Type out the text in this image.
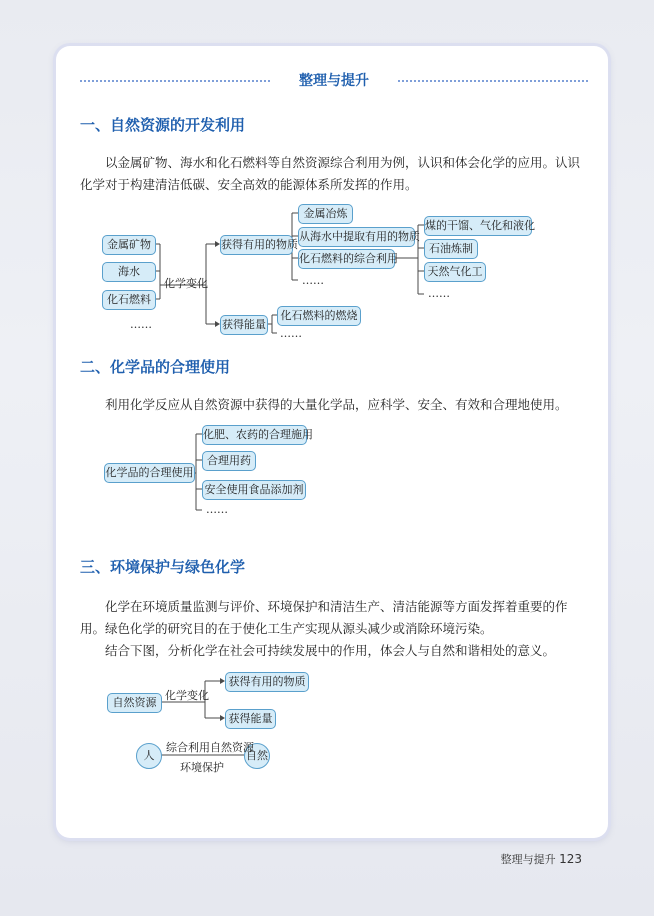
整理与提升
一、自然资源的开发利用
以金属矿物、海水和化石燃料等自然资源综合利用为例，认识和体会化学的应用。认识化学对于构建清洁低碳、安全高效的能源体系所发挥的作用。
金属矿物
海水
化石燃料
……
化学变化
获得有用的物质
获得能量
金属冶炼
从海水中提取有用的物质
化石燃料的综合利用
……
煤的干馏、气化和液化
石油炼制
天然气化工
……
化石燃料的燃烧
……
二、化学品的合理使用
利用化学反应从自然资源中获得的大量化学品，应科学、安全、有效和合理地使用。
化学品的合理使用
化肥、农药的合理施用
合理用药
安全使用食品添加剂
……
三、环境保护与绿色化学
化学在环境质量监测与评价、环境保护和清洁生产、清洁能源等方面发挥着重要的作用。绿色化学的研究目的在于使化工生产实现从源头减少或消除环境污染。
结合下图，分析化学在社会可持续发展中的作用，体会人与自然和谐相处的意义。
自然资源
化学变化
获得有用的物质
获得能量
人	自然
综合利用自然资源
环境保护
整理与提升 123
